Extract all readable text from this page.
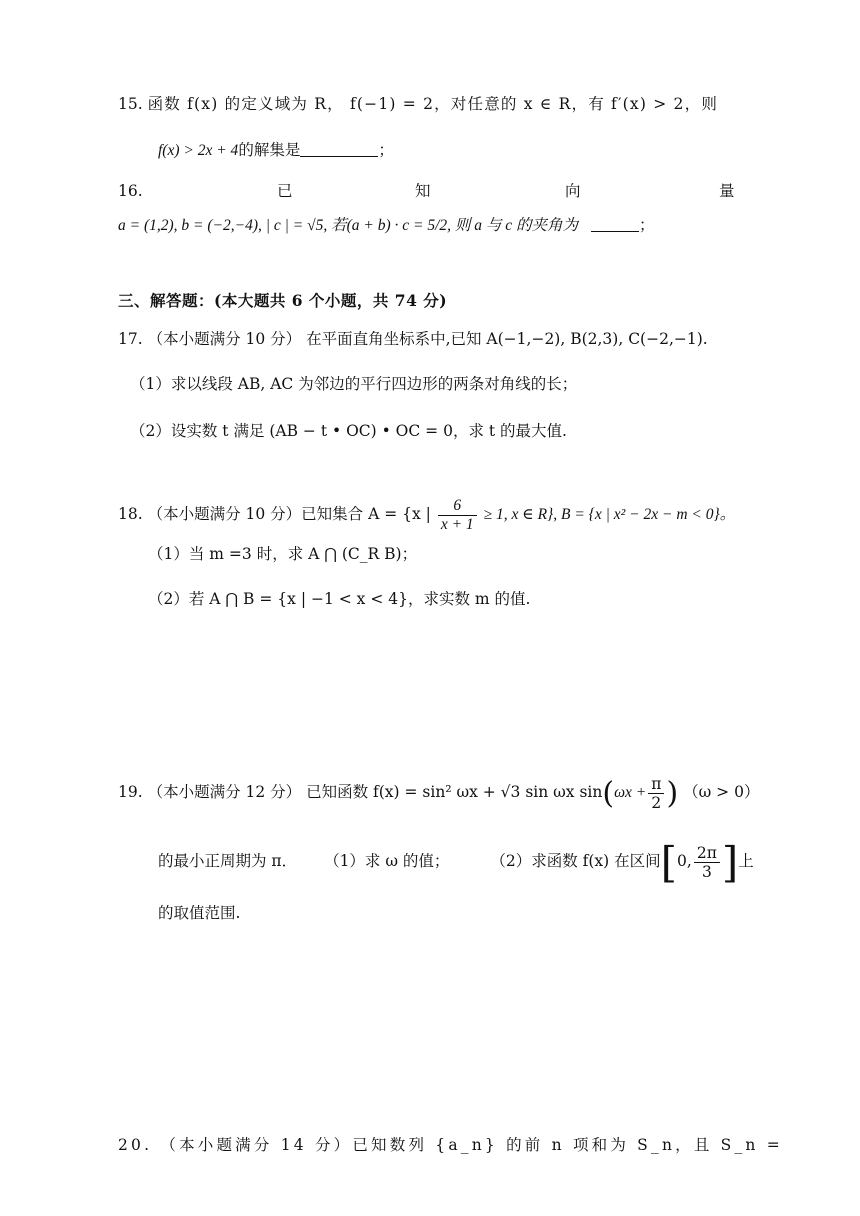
15. 函数 f(x) 的定义域为 R， f(−1) = 2，对任意的 x ∈ R，有 f′(x) > 2，则
f(x) > 2x + 4的解集是	；
16.	已	知	向	量
a = (1,2), b = (−2,−4), | c | = √5, 若(a + b) · c = 5/2, 则 a 与 c 的夹角为	；
三、解答题：(本大题共 6 个小题，共 74 分)
17. （本小题满分 10 分） 在平面直角坐标系中,已知 A(−1,−2), B(2,3), C(−2,−1).
（1）求以线段 AB, AC 为邻边的平行四边形的两条对角线的长；
（2）设实数 t 满足 (AB − t • OC) • OC = 0，求 t 的最大值.
18. （本小题满分 10 分）已知集合 A = {x | $\frac{6}{x + 1} \ge 1$, x ∈ R}, B = {x | x² − 2x − m < 0}。
（1）当 m =3 时，求 A ⋂ (C_R B)；
（2）若 A ⋂ B = {x | −1 < x < 4}，求实数 m 的值.
19. （本小题满分 12 分） 已知函数 f(x) = sin² ωx + √3 sin ωx $\sin(\omega x + \frac{\pi}{2}$ ) （ω > 0）
的最小正周期为 π． （1）求 ω 的值；	（2）求函数 f(x) 在区间[0, $\frac{2\pi}{3}$ ]上
的取值范围.
20. （本小题满分 14 分）已知数列 {a_n} 的前 n 项和为 S_n，且 S_n =
